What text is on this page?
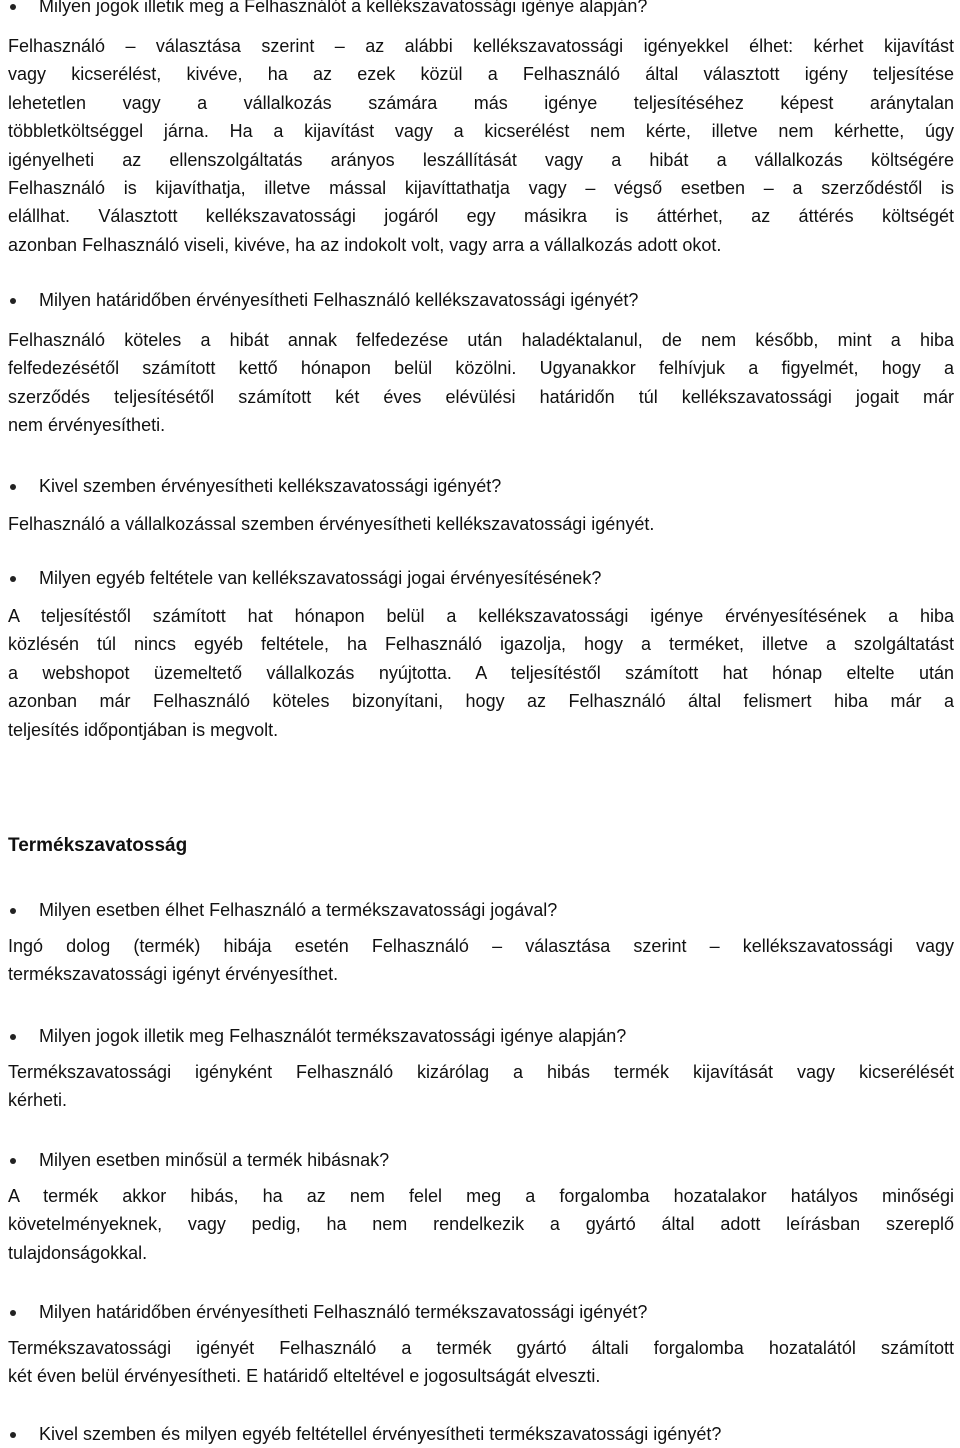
Milyen jogok illetik meg a Felhasználót a kellékszavatossági igénye alapján?
Felhasználó – választása szerint – az alábbi kellékszavatossági igényekkel élhet: kérhet kijavítást
vagy kicserélést, kivéve, ha az ezek közül a Felhasználó által választott igény teljesítése
lehetetlen vagy a vállalkozás számára más igénye teljesítéséhez képest aránytalan
többletköltséggel járna. Ha a kijavítást vagy a kicserélést nem kérte, illetve nem kérhette, úgy
igényelheti az ellenszolgáltatás arányos leszállítását vagy a hibát a vállalkozás költségére
Felhasználó is kijavíthatja, illetve mással kijavíttathatja vagy – végső esetben – a szerződéstől is
elállhat. Választott kellékszavatossági jogáról egy másikra is áttérhet, az áttérés költségét
azonban Felhasználó viseli, kivéve, ha az indokolt volt, vagy arra a vállalkozás adott okot.
Milyen határidőben érvényesítheti Felhasználó kellékszavatossági igényét?
Felhasználó köteles a hibát annak felfedezése után haladéktalanul, de nem később, mint a hiba
felfedezésétől számított kettő hónapon belül közölni. Ugyanakkor felhívjuk a figyelmét, hogy a
szerződés teljesítésétől számított két éves elévülési határidőn túl kellékszavatossági jogait már
nem érvényesítheti.
Kivel szemben érvényesítheti kellékszavatossági igényét?
Felhasználó a vállalkozással szemben érvényesítheti kellékszavatossági igényét.
Milyen egyéb feltétele van kellékszavatossági jogai érvényesítésének?
A teljesítéstől számított hat hónapon belül a kellékszavatossági igénye érvényesítésének a hiba
közlésén túl nincs egyéb feltétele, ha Felhasználó igazolja, hogy a terméket, illetve a szolgáltatást
a webshopot üzemeltető vállalkozás nyújtotta. A teljesítéstől számított hat hónap eltelte után
azonban már Felhasználó köteles bizonyítani, hogy az Felhasználó által felismert hiba már a
teljesítés időpontjában is megvolt.
Termékszavatosság
Milyen esetben élhet Felhasználó a termékszavatossági jogával?
Ingó dolog (termék) hibája esetén Felhasználó – választása szerint – kellékszavatossági vagy
termékszavatossági igényt érvényesíthet.
Milyen jogok illetik meg Felhasználót termékszavatossági igénye alapján?
Termékszavatossági igényként Felhasználó kizárólag a hibás termék kijavítását vagy kicserélését
kérheti.
Milyen esetben minősül a termék hibásnak?
A termék akkor hibás, ha az nem felel meg a forgalomba hozatalakor hatályos minőségi
követelményeknek, vagy pedig, ha nem rendelkezik a gyártó által adott leírásban szereplő
tulajdonságokkal.
Milyen határidőben érvényesítheti Felhasználó termékszavatossági igényét?
Termékszavatossági igényét Felhasználó a termék gyártó általi forgalomba hozatalától számított
két éven belül érvényesítheti. E határidő elteltével e jogosultságát elveszti.
Kivel szemben és milyen egyéb feltétellel érvényesítheti termékszavatossági igényét?
